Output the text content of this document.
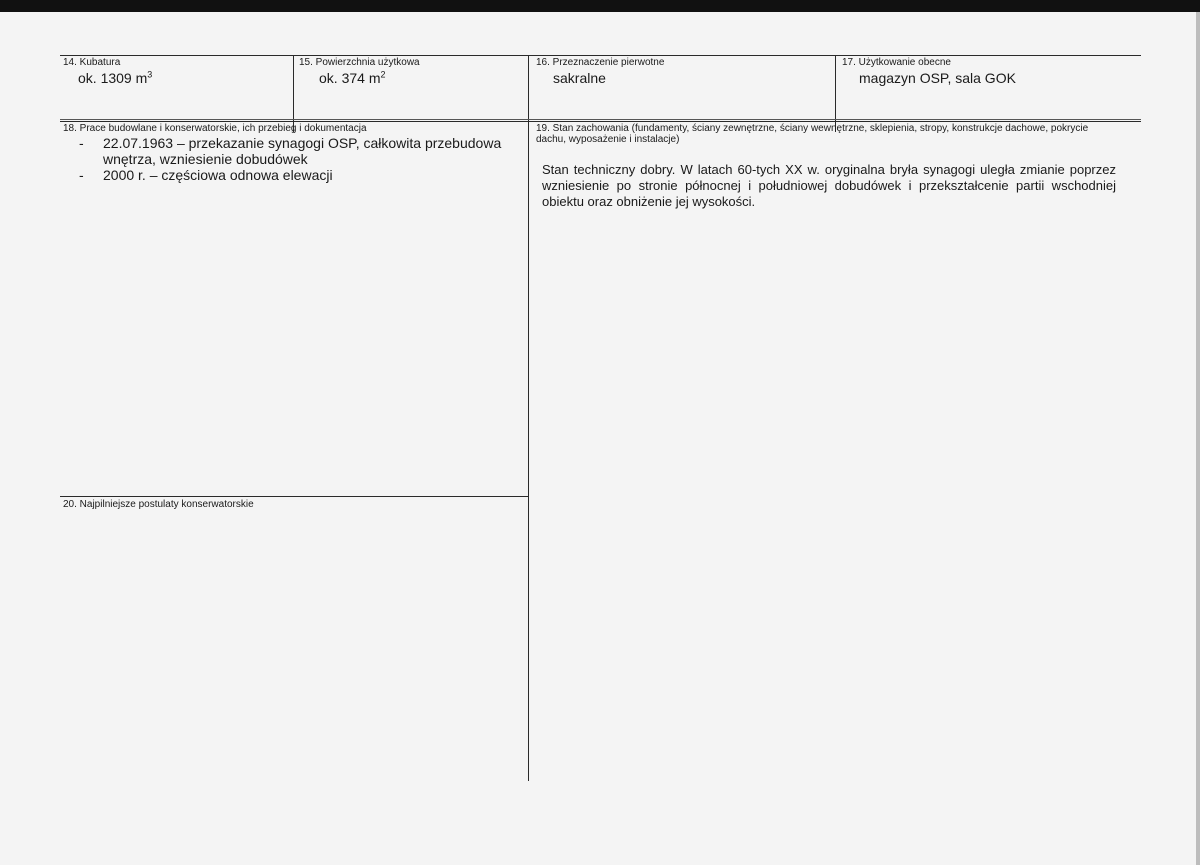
14. Kubatura
ok. 1309 $m^3$
15. Powierzchnia użytkowa
ok. 374 $m^2$
16. Przeznaczenie pierwotne
sakralne
17. Użytkowanie obecne
magazyn OSP, sala GOK
18. Prace budowlane i konserwatorskie, ich przebieg i dokumentacja
- 22.07.1963 – przekazanie synagogi OSP, całkowita przebudowa wnętrza, wzniesienie dobudówek
- 2000 r. – częściowa odnowa elewacji
19. Stan zachowania (fundamenty, ściany zewnętrzne, ściany wewnętrzne, sklepienia, stropy, konstrukcje dachowe, pokrycie dachu, wyposażenie i instalacje)
Stan techniczny dobry. W latach 60-tych XX w. oryginalna bryła synagogi uległa zmianie poprzez wzniesienie po stronie północnej i południowej dobudówek i przekształcenie partii wschodniej obiektu oraz obniżenie jej wysokości.
20. Najpilniejsze postulaty konserwatorskie
